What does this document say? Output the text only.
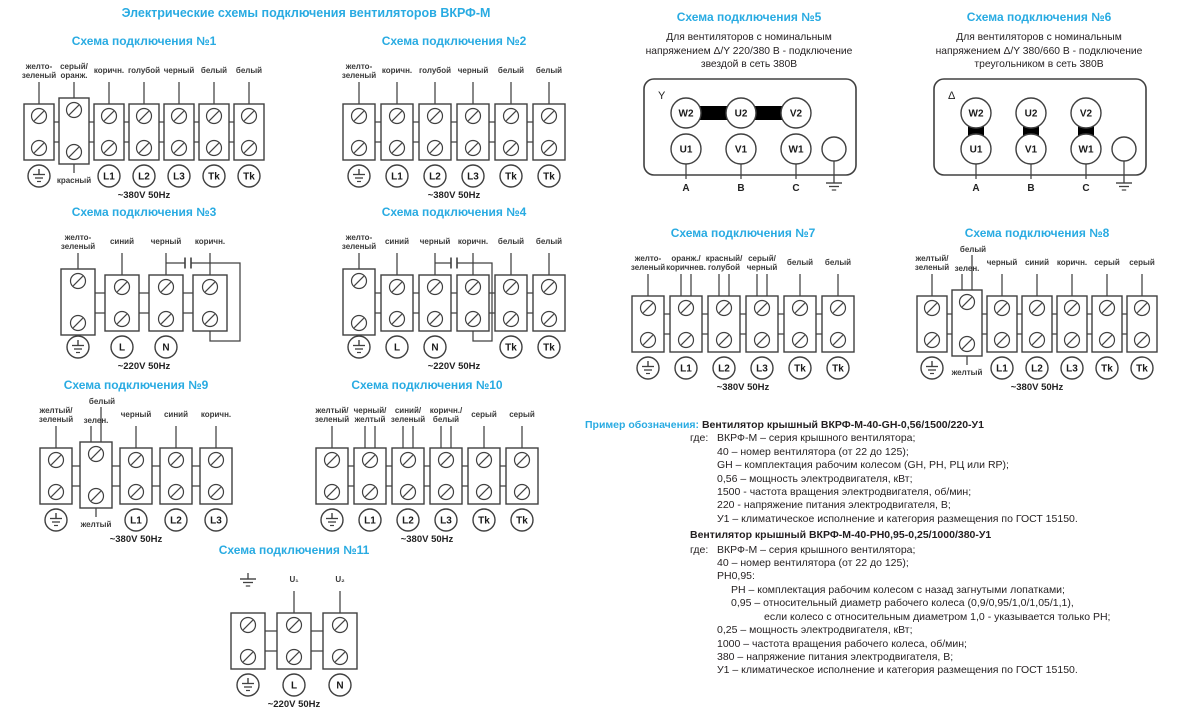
Электрические схемы подключения вентиляторов ВКРФ-М
Схема подключения №1
желто-
зеленый
серый/
оранж.
красный
коричн.
L1
голубой
L2
черный
L3
белый
Tk
белый
Tk
~380V 50Hz
Схема подключения №2
желто-
зеленый
коричн.
L1
голубой
L2
черный
L3
белый
Tk
белый
Tk
~380V 50Hz
Схема подключения №3
желто-
зеленый
синий
L
черный
N
коричн.
~220V 50Hz
Схема подключения №4
желто-
зеленый
синий
L
черный
N
коричн. белый
Tk
белый
Tk
~220V 50Hz
Схема подключения №5
Для вентиляторов с номинальным
напряжением Δ/Y 220/380 В - подключение
звездой в сеть 380В
Y
W2	U2	V2
U1
A
V1
B
W1
C
Схема подключения №6
Для вентиляторов с номинальным
напряжением Δ/Y 380/660 В - подключение
треугольником в сеть 380В
Δ
W2	U2	V2
U1
A
V1
B
W1
C
Схема подключения №7
желто-
зеленый
оранж./
коричнев.
L1
красный/
голубой
L2
серый/
черный
L3
белый
Tk
белый
Tk
~380V 50Hz
Схема подключения №8
желтый/
зеленый
белый
зелен.
желтый
черный
L1
синий
L2
коричн.
L3
серый
Tk
серый
Tk
~380V 50Hz
Схема подключения №9
желтый/
зеленый
белый
зелен.
желтый
черный
L1
синий
L2
коричн.
L3
~380V 50Hz
Схема подключения №10
желтый/
зеленый
черный/
желтый
L1
синий/
зеленый
L2
коричн./
белый
L3
серый
Tk
серый
Tk
~380V 50Hz
Схема подключения №11
U₁
L
U₂
N
~220V 50Hz
Пример обозначения: Вентилятор крышный ВКРФ-М-40-GH-0,56/1500/220-У1
где: ВКРФ-М – серия крышного вентилятора;
40 – номер вентилятора (от 22 до 125);
GH – комплектация рабочим колесом (GH, РН, РЦ или RP);
0,56 – мощность электродвигателя, кВт;
1500 - частота вращения электродвигателя, об/мин;
220 - напряжение питания электродвигателя, В;
У1 – климатическое исполнение и категория размещения по ГОСТ 15150.
Вентилятор крышный ВКРФ-М-40-РН0,95-0,25/1000/380-У1
где: ВКРФ-М – серия крышного вентилятора;
40 – номер вентилятора (от 22 до 125);
РН0,95:
РН – комплектация рабочим колесом с назад загнутыми лопатками;
0,95 – относительный диаметр рабочего колеса (0,9/0,95/1,0/1,05/1,1),
если колесо с относительным диаметром 1,0 - указывается только РН;
0,25 – мощность электродвигателя, кВт;
1000 – частота вращения рабочего колеса, об/мин;
380 – напряжение питания электродвигателя, В;
У1 – климатическое исполнение и категория размещения по ГОСТ 15150.
